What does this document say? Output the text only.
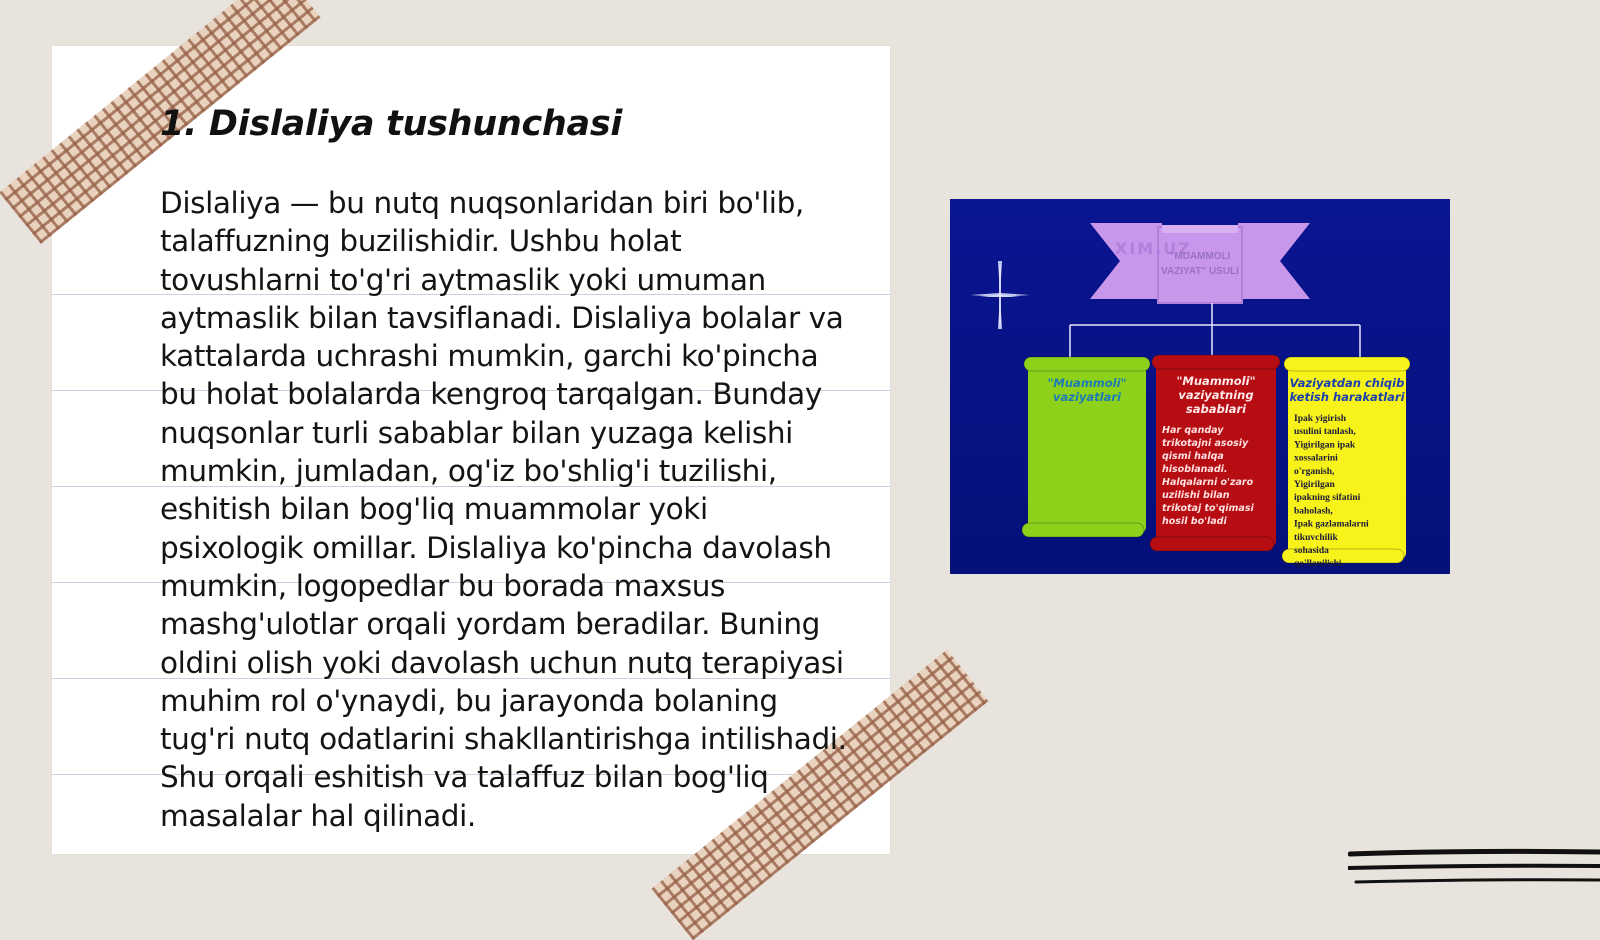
1. Dislaliya tushunchasi

Dislaliya — bu nutq nuqsonlaridan biri bo'lib, talaffuzning buzilishidir. Ushbu holat tovushlarni to'g'ri aytmaslik yoki umuman aytmaslik bilan tavsiflanadi. Dislaliya bolalar va kattalarda uchrashi mumkin, garchi ko'pincha bu holat bolalarda kengroq tarqalgan. Bunday nuqsonlar turli sabablar bilan yuzaga kelishi mumkin, jumladan, og'iz bo'shlig'i tuzilishi, eshitish bilan bog'liq muammolar yoki psixologik omillar. Dislaliya ko'pincha davolash mumkin, logopedlar bu borada maxsus mashg'ulotlar orqali yordam beradilar. Buning oldini olish yoki davolash uchun nutq terapiyasi muhim rol o'ynaydi, bu jarayonda bolaning tug'ri nutq odatlarini shakllantirishga intilishadi. Shu orqali eshitish va talaffuz bilan bog'liq masalalar hal qilinadi.

XIM.UZ
"MUAMMOLI
VAZIYAT" USULI
"Muammoli"
vaziyatlari
"Muammoli"
vaziyatning
sabablari
Har qanday
trikotajni asosiy
qismi halqa
hisoblanadi.
Halqalarni o'zaro
uzilishi bilan
trikotaj to'qimasi
hosil bo'ladi
Vaziyatdan chiqib
ketish harakatlari
Ipak yigirish
usulini tanlash,
Yigirilgan ipak
xossalarini
o'rganish,
Yigirilgan
ipakning sifatini
baholash,
Ipak gazlamalarni
tikuvchilik
sohasida
qo'llanilishi.
